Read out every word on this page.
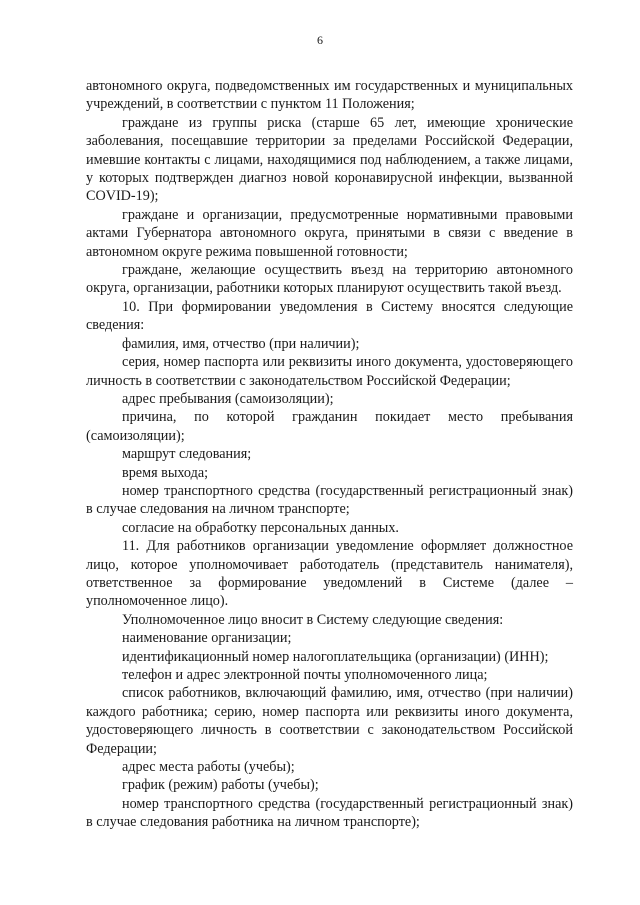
6

автономного округа, подведомственных им государственных и муниципальных учреждений, в соответствии с пунктом 11 Положения;

граждане из группы риска (старше 65 лет, имеющие хронические заболевания, посещавшие территории за пределами Российской Федерации, имевшие контакты с лицами, находящимися под наблюдением, а также лицами, у которых подтвержден диагноз новой коронавирусной инфекции, вызванной COVID-19);

граждане и организации, предусмотренные нормативными правовыми актами Губернатора автономного округа, принятыми в связи с введение в автономном округе режима повышенной готовности;

граждане, желающие осуществить въезд на территорию автономного округа, организации, работники которых планируют осуществить такой въезд.

10. При формировании уведомления в Систему вносятся следующие сведения:

фамилия, имя, отчество (при наличии);

серия, номер паспорта или реквизиты иного документа, удостоверяющего личность в соответствии с законодательством Российской Федерации;

адрес пребывания (самоизоляции);

причина, по которой гражданин покидает место пребывания (самоизоляции);

маршрут следования;

время выхода;

номер транспортного средства (государственный регистрационный знак) в случае следования на личном транспорте;

согласие на обработку персональных данных.

11. Для работников организации уведомление оформляет должностное лицо, которое уполномочивает работодатель (представитель нанимателя), ответственное за формирование уведомлений в Системе (далее – уполномоченное лицо).

Уполномоченное лицо вносит в Систему следующие сведения:

наименование организации;

идентификационный номер налогоплательщика (организации) (ИНН);

телефон и адрес электронной почты уполномоченного лица;

список работников, включающий фамилию, имя, отчество (при наличии) каждого работника; серию, номер паспорта или реквизиты иного документа, удостоверяющего личность в соответствии с законодательством Российской Федерации;

адрес места работы (учебы);

график (режим) работы (учебы);

номер транспортного средства (государственный регистрационный знак) в случае следования работника на личном транспорте);
